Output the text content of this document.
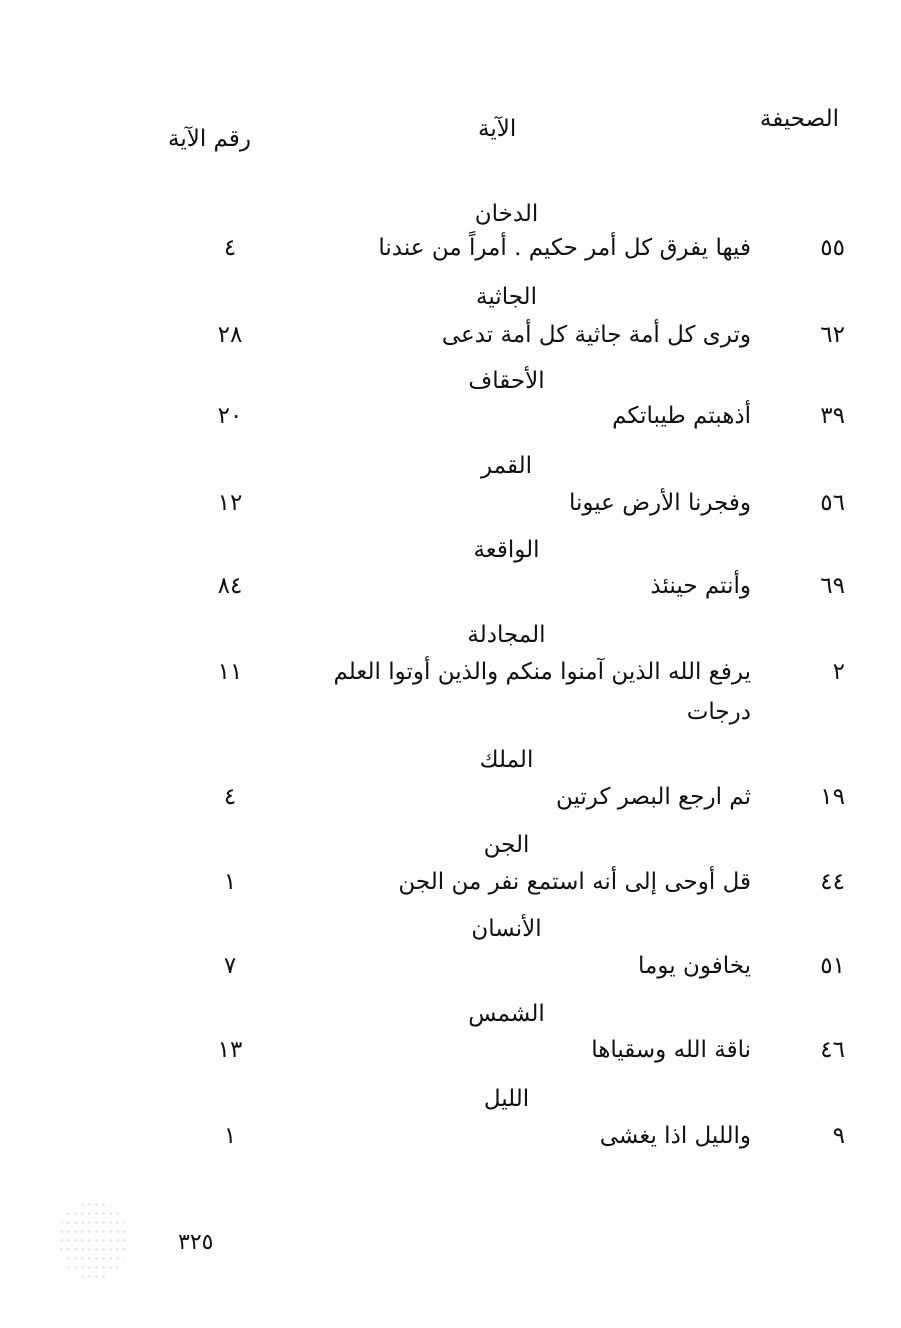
الصحيفة
الآية
رقم الآية
الدخان
٥٥
فيها يفرق كل أمر حكيم . أمراً من عندنا
٤
الجاثية
٦٢
وترى كل أمة جاثية كل أمة تدعى
٢٨
الأحقاف
٣٩
أذهبتم طيباتكم
٢٠
القمر
٥٦
وفجرنا الأرض عيونا
١٢
الواقعة
٦٩
وأنتم حينئذ
٨٤
المجادلة
٢
يرفع الله الذين آمنوا منكم والذين أوتوا العلم درجات
١١
الملك
١٩
ثم ارجع البصر كرتين
٤
الجن
٤٤
قل أوحى إلى أنه استمع نفر من الجن
١
الأنسان
٥١
يخافون يوما
٧
الشمس
٤٦
ناقة الله وسقياها
١٣
الليل
٩
والليل اذا يغشى
١
٣٢٥
